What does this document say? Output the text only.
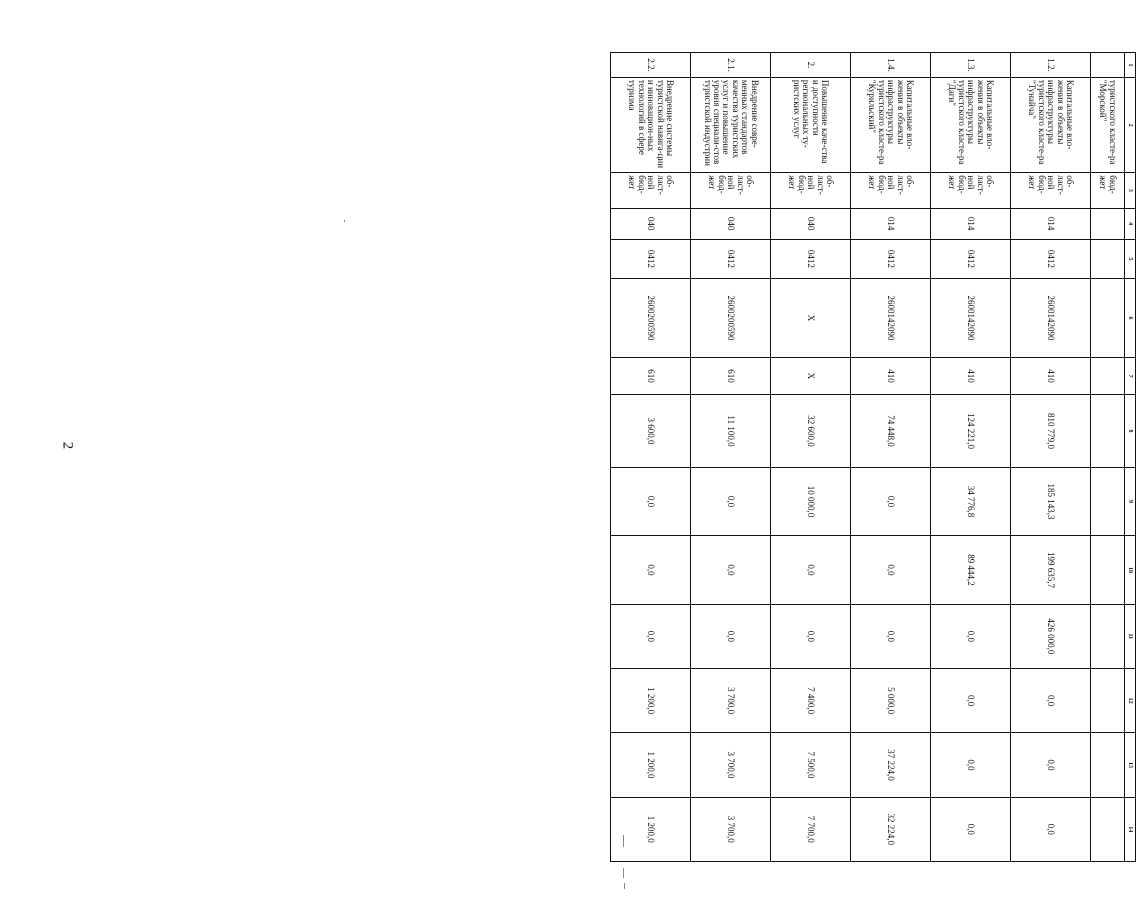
2
1	2	3	4	5	6	7	8	9	10	11	12	13	14
	туристского класте-ра "Морской"	бюд-жет											
1.2.	Капитальные вло-жения в объекты инфраструктуры туристского класте-ра "Тунайча"	об-ласт-ной бюд-жет	014	0412	2600142090	410	810 779,0	185 143,3	199 635,7	426 000,0	0,0	0,0	0,0
1.3.	Капитальные вло-жения в объекты инфраструктуры туристского класте-ра "Даги"	об-ласт-ной бюд-жет	014	0412	2600142090	410	124 221,0	34 776,8	89 444,2	0,0	0,0	0,0	0,0
1.4.	Капитальные вло-жения в объекты инфраструктуры туристского класте-ра "Курильский"	об-ласт-ной бюд-жет	014	0412	2600142090	410	74 448,0	0,0	0,0	0,0	5 000,0	37 224,0	32 224,0
2.	Повышение каче-ства и доступности региональных ту-ристских услуг	об-ласт-ной бюд-жет	040	0412	Х	Х	32 600,0	10 000,0	0,0	0,0	7 400,0	7 500,0	7 700,0
2.1.	Внедрение совре-менных стандартов качества туристских услуг и повышение уровня специали-стов туристской индустрии	об-ласт-ной бюд-жет	040	0412	2600200590	610	11 100,0	0,0	0,0	0,0	3 700,0	3 700,0	3 700,0
2.2.	Внедрение системы туристской навига-ции и инновацион-ных технологий в сфере туризма	об-ласт-ной бюд-жет	040	0412	2600200590	610	3 600,0	0,0	0,0	0,0	1 200,0	1 200,0	1 200,0
